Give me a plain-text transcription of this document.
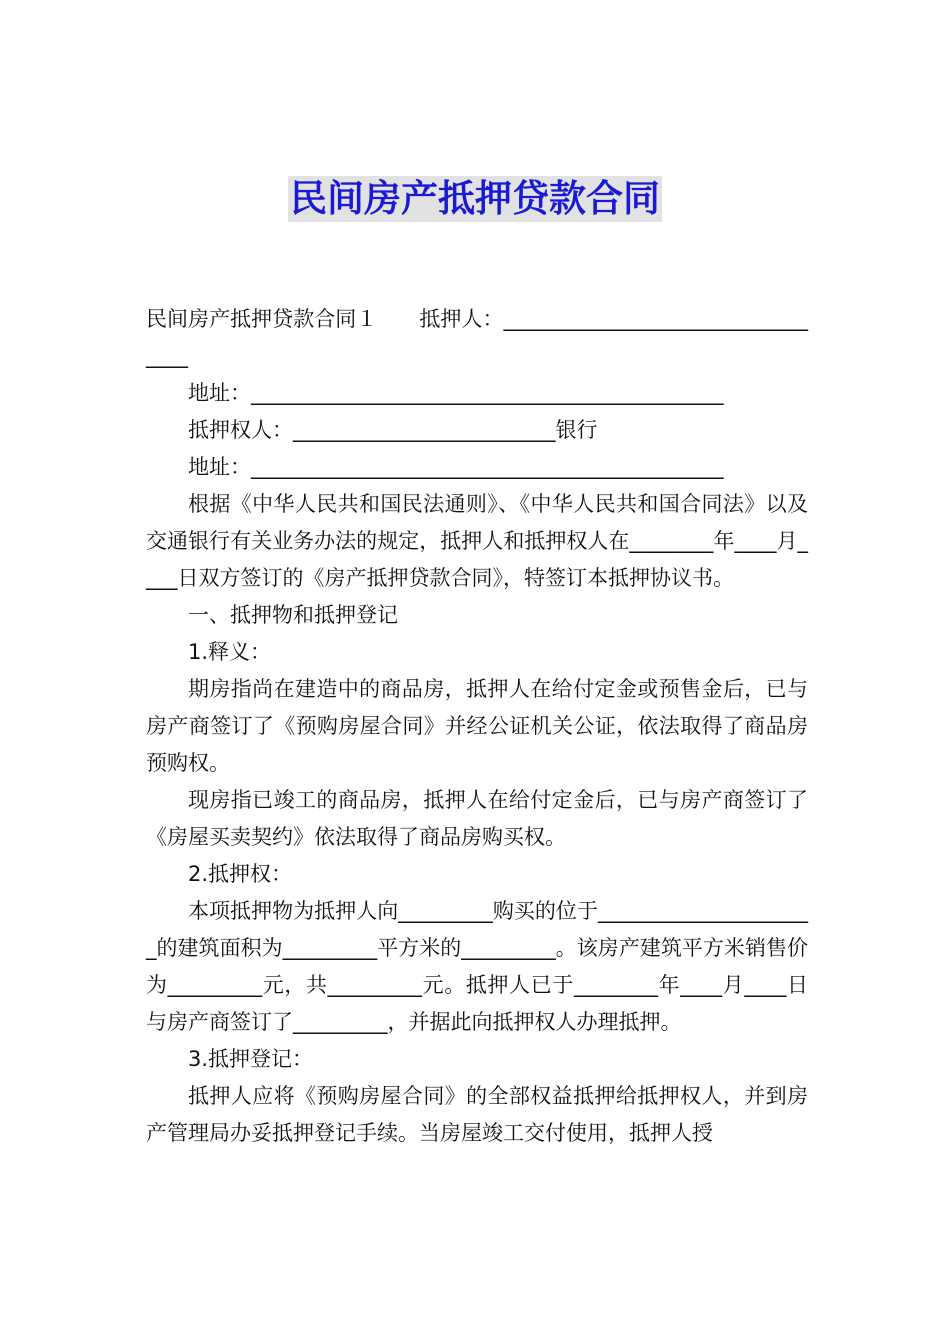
民间房产抵押贷款合同

民间房产抵押贷款合同１　　抵押人：_________________________________

地址：_____________________________________________

抵押权人：_________________________银行

地址：_____________________________________________

根据《中华人民共和国民法通则》、《中华人民共和国合同法》以及交通银行有关业务办法的规定，抵押人和抵押权人在________年____月____日双方签订的《房产抵押贷款合同》，特签订本抵押协议书。

一、抵押物和抵押登记

1.释义：

期房指尚在建造中的商品房，抵押人在给付定金或预售金后，已与房产商签订了《预购房屋合同》并经公证机关公证，依法取得了商品房预购权。

现房指已竣工的商品房，抵押人在给付定金后，已与房产商签订了《房屋买卖契约》依法取得了商品房购买权。

2.抵押权：

本项抵押物为抵押人向_________购买的位于_____________________的建筑面积为_________平方米的_________。该房产建筑平方米销售价为_________元，共_________元。抵押人已于________年____月____日与房产商签订了_________，并据此向抵押权人办理抵押。

3.抵押登记：

抵押人应将《预购房屋合同》的全部权益抵押给抵押权人，并到房产管理局办妥抵押登记手续。当房屋竣工交付使用，抵押人授
